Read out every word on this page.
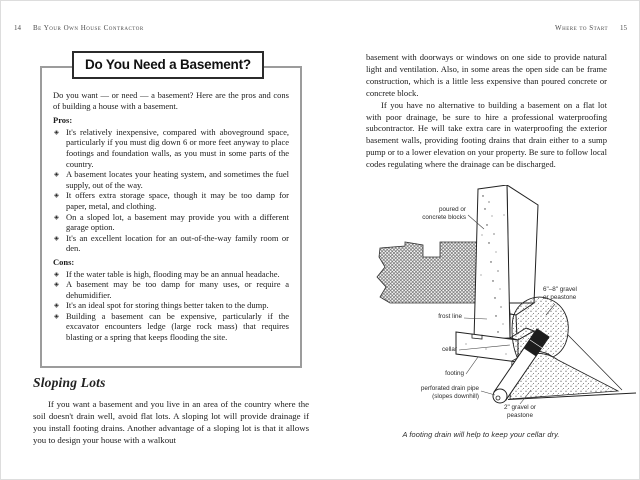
14 Be Your Own House Contractor
Do You Need a Basement?

Do you want — or need — a basement? Here are the pros and cons of building a house with a basement.

Pros:
◈ It's relatively inexpensive, compared with aboveground space, particularly if you must dig down 6 or more feet anyway to place footings and foundation walls, as you must in some parts of the country.
◈ A basement locates your heating system, and sometimes the fuel supply, out of the way.
◈ It offers extra storage space, though it may be too damp for paper, metal, and clothing.
◈ On a sloped lot, a basement may provide you with a different garage option.
◈ It's an excellent location for an out-of-the-way family room or den.
Cons:
◈ If the water table is high, flooding may be an annual headache.
◈ A basement may be too damp for many uses, or require a dehumidifier.
◈ It's an ideal spot for storing things better taken to the dump.
◈ Building a basement can be expensive, particularly if the excavator encounters ledge (large rock mass) that requires blasting or a spring that keeps flooding the site.
Sloping Lots
If you want a basement and you live in an area of the country where the soil doesn't drain well, avoid flat lots. A sloping lot will provide drainage if you install footing drains. Another advantage of a sloping lot is that it allows you to design your house with a walkout
Where to Start 15

basement with doorways or windows on one side to provide natural light and ventilation. Also, in some areas the open side can be frame construction, which is a little less expensive than poured concrete or concrete block.

If you have no alternative to building a basement on a flat lot with poor drainage, be sure to hire a professional waterproofing subcontractor. He will take extra care in waterproofing the exterior basement walls, providing footing drains that drain either to a sump pump or to a lower elevation on your property. Be sure to follow local codes regulating where the drainage can be discharged.

poured or
concrete blocks
6"–8" gravel
or peastone
frost line
cellar
footing
perforated drain pipe
(slopes downhill)
2" gravel or
peastone
A footing drain will help to keep your cellar dry.
